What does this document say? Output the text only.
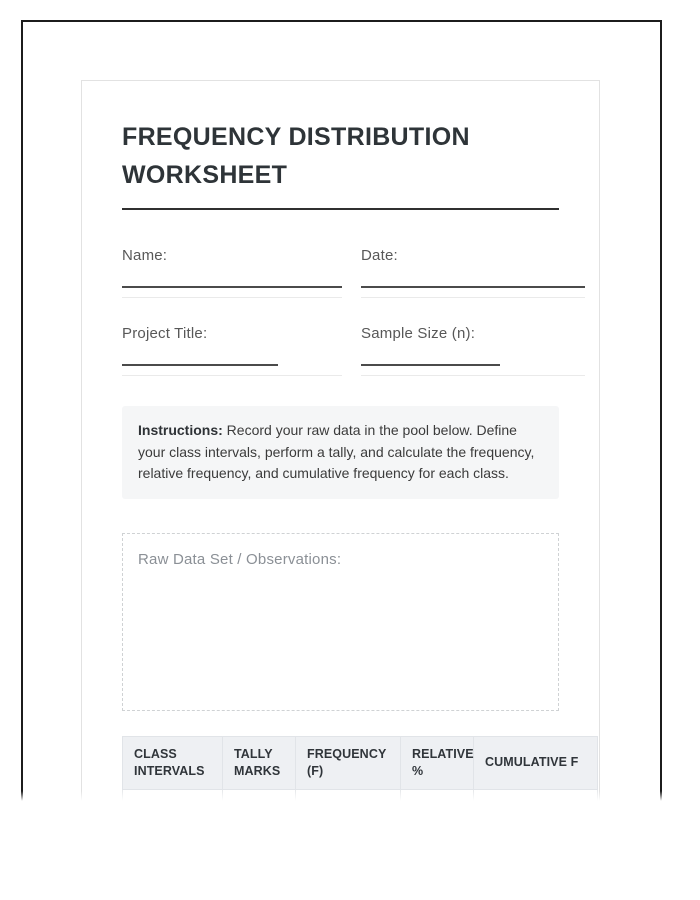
FREQUENCY DISTRIBUTION WORKSHEET
Name:	Date:
Project Title:	Sample Size (n):
Instructions: Record your raw data in the pool below. Define your class intervals, perform a tally, and calculate the frequency, relative frequency, and cumulative frequency for each class.
Raw Data Set / Observations:
CLASS INTERVALS	TALLY MARKS	FREQUENCY (F)	RELATIVE %	CUMULATIVE F
